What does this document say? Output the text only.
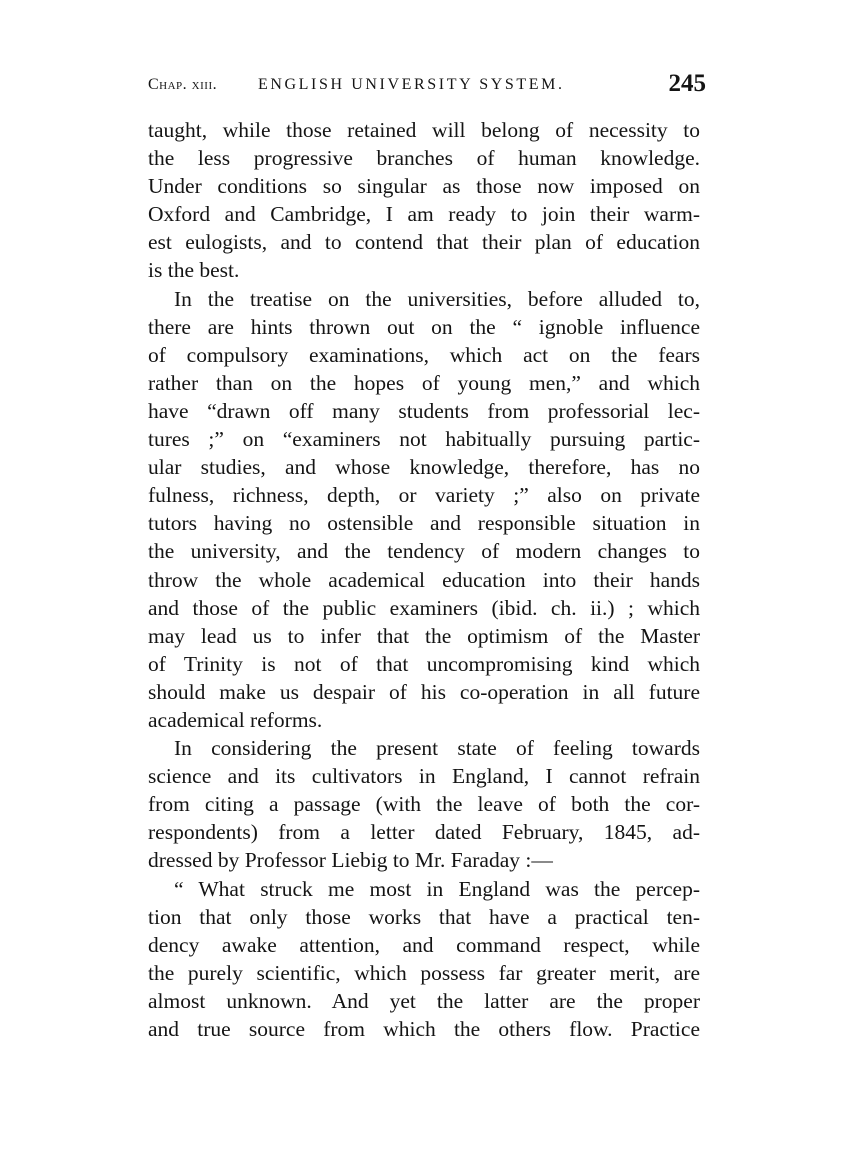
Chap. xiii.	ENGLISH UNIVERSITY SYSTEM.	245
taught, while those retained will belong of necessity to
the less progressive branches of human knowledge.
Under conditions so singular as those now imposed on
Oxford and Cambridge, I am ready to join their warm-
est eulogists, and to contend that their plan of education
is the best.
In the treatise on the universities, before alluded to,
there are hints thrown out on the “ ignoble influence
of compulsory examinations, which act on the fears
rather than on the hopes of young men,” and which
have “drawn off many students from professorial lec-
tures ;” on “examiners not habitually pursuing partic-
ular studies, and whose knowledge, therefore, has no
fulness, richness, depth, or variety ;” also on private
tutors having no ostensible and responsible situation in
the university, and the tendency of modern changes to
throw the whole academical education into their hands
and those of the public examiners (ibid. ch. ii.) ; which
may lead us to infer that the optimism of the Master
of Trinity is not of that uncompromising kind which
should make us despair of his co-operation in all future
academical reforms.
In considering the present state of feeling towards
science and its cultivators in England, I cannot refrain
from citing a passage (with the leave of both the cor-
respondents) from a letter dated February, 1845, ad-
dressed by Professor Liebig to Mr. Faraday :—
“ What struck me most in England was the percep-
tion that only those works that have a practical ten-
dency awake attention, and command respect, while
the purely scientific, which possess far greater merit, are
almost unknown. And yet the latter are the proper
and true source from which the others flow. Practice
